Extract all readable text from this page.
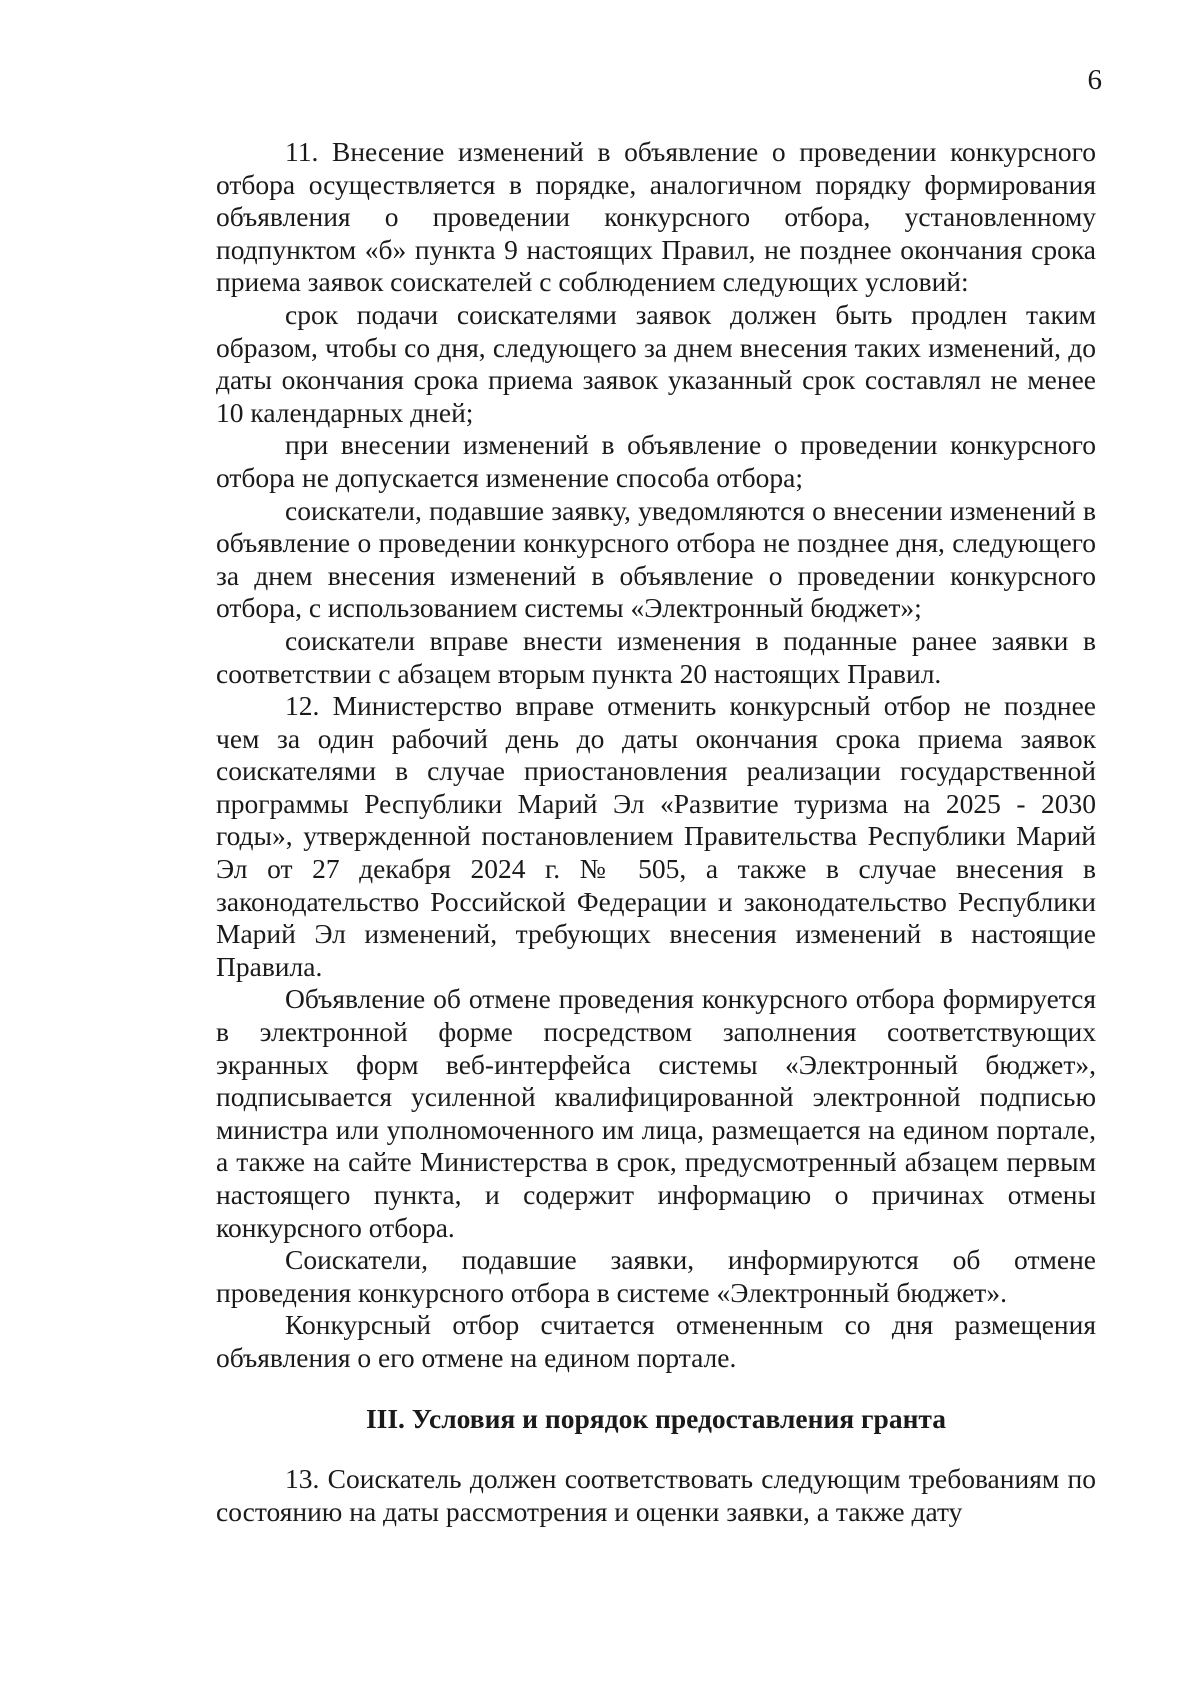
6

11. Внесение изменений в объявление о проведении конкурсного отбора осуществляется в порядке, аналогичном порядку формирования объявления о проведении конкурсного отбора, установленному подпунктом «б» пункта 9 настоящих Правил, не позднее окончания срока приема заявок соискателей с соблюдением следующих условий:

срок подачи соискателями заявок должен быть продлен таким образом, чтобы со дня, следующего за днем внесения таких изменений, до даты окончания срока приема заявок указанный срок составлял не менее 10 календарных дней;

при внесении изменений в объявление о проведении конкурсного отбора не допускается изменение способа отбора;

соискатели, подавшие заявку, уведомляются о внесении изменений в объявление о проведении конкурсного отбора не позднее дня, следующего за днем внесения изменений в объявление о проведении конкурсного отбора, с использованием системы «Электронный бюджет»;

соискатели вправе внести изменения в поданные ранее заявки в соответствии с абзацем вторым пункта 20 настоящих Правил.

12. Министерство вправе отменить конкурсный отбор не позднее чем за один рабочий день до даты окончания срока приема заявок соискателями в случае приостановления реализации государственной программы Республики Марий Эл «Развитие туризма на 2025 - 2030 годы», утвержденной постановлением Правительства Республики Марий Эл от 27 декабря 2024 г. № 505, а также в случае внесения в законодательство Российской Федерации и законодательство Республики Марий Эл изменений, требующих внесения изменений в настоящие Правила.

Объявление об отмене проведения конкурсного отбора формируется в электронной форме посредством заполнения соответствующих экранных форм веб-интерфейса системы «Электронный бюджет», подписывается усиленной квалифицированной электронной подписью министра или уполномоченного им лица, размещается на едином портале, а также на сайте Министерства в срок, предусмотренный абзацем первым настоящего пункта, и содержит информацию о причинах отмены конкурсного отбора.

Соискатели, подавшие заявки, информируются об отмене проведения конкурсного отбора в системе «Электронный бюджет».

Конкурсный отбор считается отмененным со дня размещения объявления о его отмене на едином портале.

III. Условия и порядок предоставления гранта

13. Соискатель должен соответствовать следующим требованиям по состоянию на даты рассмотрения и оценки заявки, а также дату
